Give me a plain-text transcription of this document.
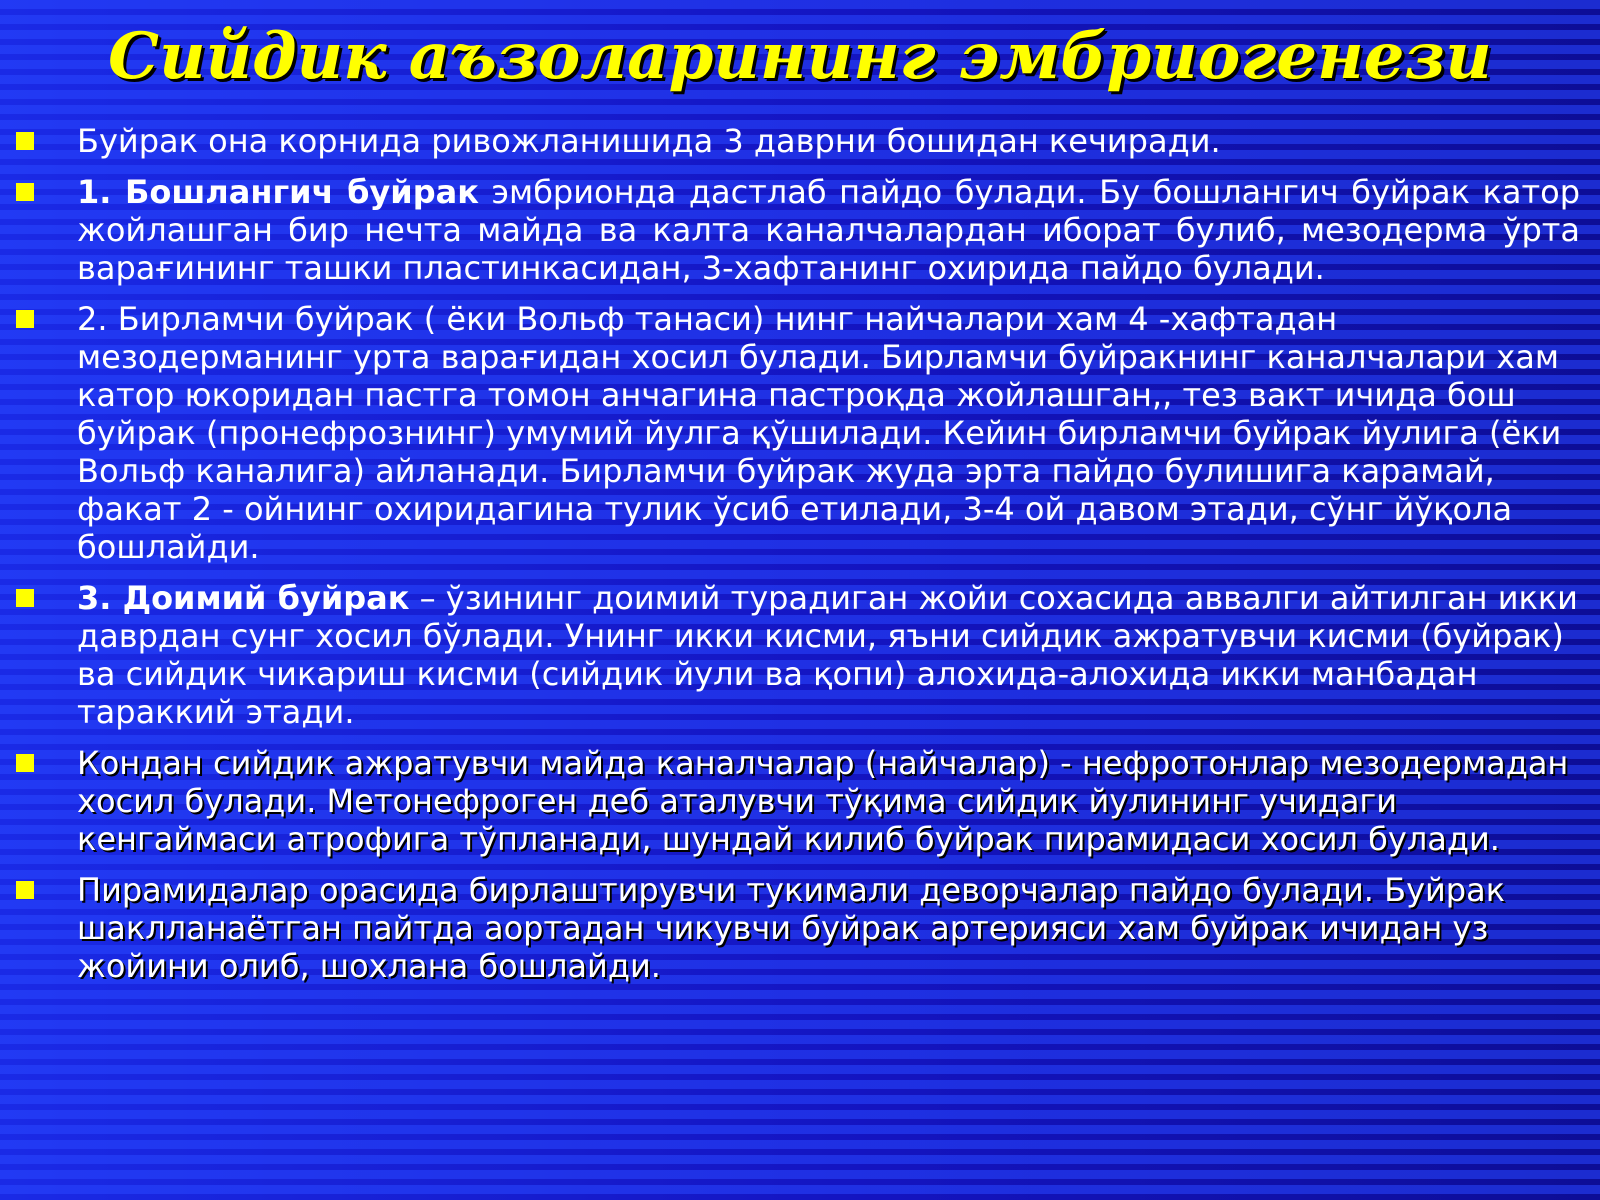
Сийдик аъзоларининг эмбриогенези
Буйрак она корнида ривожланишида 3 даврни бошидан кечиради.
1. Бошлангич буйрак эмбрионда дастлаб пайдо булади. Бу бошлангич буйрак катор жойлашган бир нечта майда ва калта каналчалардан иборат булиб, мезодерма ўрта варағининг ташки пластинкасидан, 3-хафтанинг охирида пайдо булади.
2. Бирламчи буйрак ( ёки Вольф танаси) нинг найчалари хам 4 -хафтадан мезодерманинг урта варағидан хосил булади. Бирламчи буйракнинг каналчалари хам катор юкоридан пастга томон анчагина пастроқда жойлашган,, тез вакт ичида бош буйрак (пронефрознинг) умумий йулга қўшилади. Кейин бирламчи буйрак йулига (ёки Вольф каналига) айланади. Бирламчи буйрак жуда эрта пайдо булишига карамай, факат 2 - ойнинг охиридагина тулик ўсиб етилади, 3-4 ой давом этади, сўнг йўқола бошлайди.
3. Доимий буйрак – ўзининг доимий турадиган жойи сохасида аввалги айтилган икки даврдан сунг хосил бўлади. Унинг икки кисми, яъни сийдик ажратувчи кисми (буйрак) ва сийдик чикариш кисми (сийдик йули ва қопи) алохида-алохида икки манбадан тараккий этади.
Кондан сийдик ажратувчи майда каналчалар (найчалар) - нефротонлар мезодермадан хосил булади. Метонефроген деб аталувчи тўқима сийдик йулининг учидаги кенгаймаси атрофига тўпланади, шундай килиб буйрак пирамидаси хосил булади.
Пирамидалар орасида бирлаштирувчи тукимали деворчалар пайдо булади. Буйрак шаклланаётган пайтда аортадан чикувчи буйрак артерияси хам буйрак ичидан уз жойини олиб, шохлана бошлайди.
